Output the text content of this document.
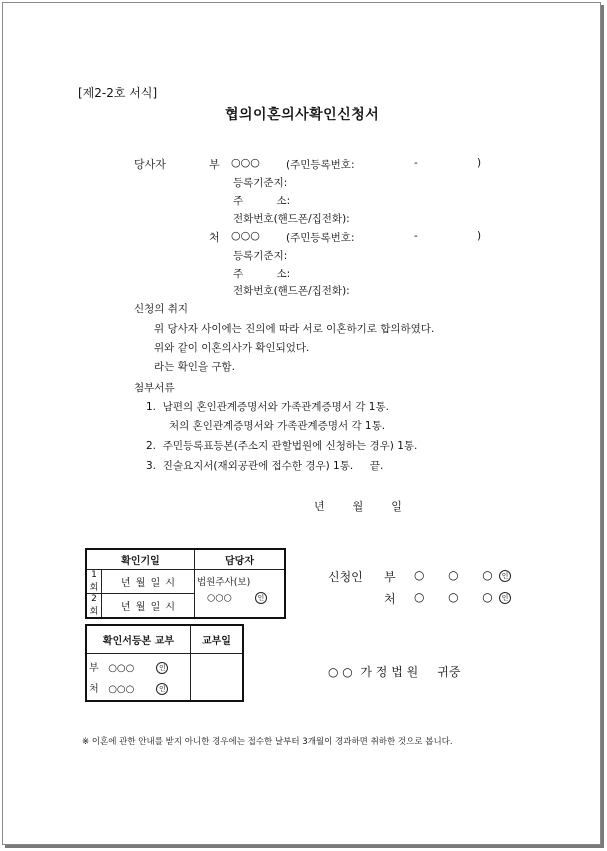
[제2-2호 서식]
협의이혼의사확인신청서
당사자	부 ○○○ (주민등록번호:	-	)
등록기준지:
주          소:
전화번호(핸드폰/집전화):
처 ○○○ (주민등록번호:	-	)
등록기준지:
주          소:
전화번호(핸드폰/집전화):
신청의 취지
위 당사자 사이에는 진의에 따라 서로 이혼하기로 합의하였다.
위와 같이 이혼의사가 확인되었다.
라는 확인을 구함.
첨부서류
1.  남편의 혼인관계증명서와 가족관계증명서 각 1통.
처의 혼인관계증명서와 가족관계증명서 각 1통.
2.  주민등록표등본(주소지 관할법원에 신청하는 경우) 1통.
3.  진술요지서(재외공관에 접수한 경우) 1통.     끝.
년        월        일
확인기일		담당자
1회	년 월 일 시	법원주사(보)
○○○ 인

2회	년 월 일 시	
확인서등본 교부	교부일

부   ○○○ 인
처   ○○○ 인	

신청인 부 ○  ○  ○	인
처 ○  ○  ○	인
○ ○  가 정 법 원     귀중
※ 이혼에 관한 안내를 받지 아니한 경우에는 접수한 날부터 3개월이 경과하면 취하한 것으로 봅니다.
